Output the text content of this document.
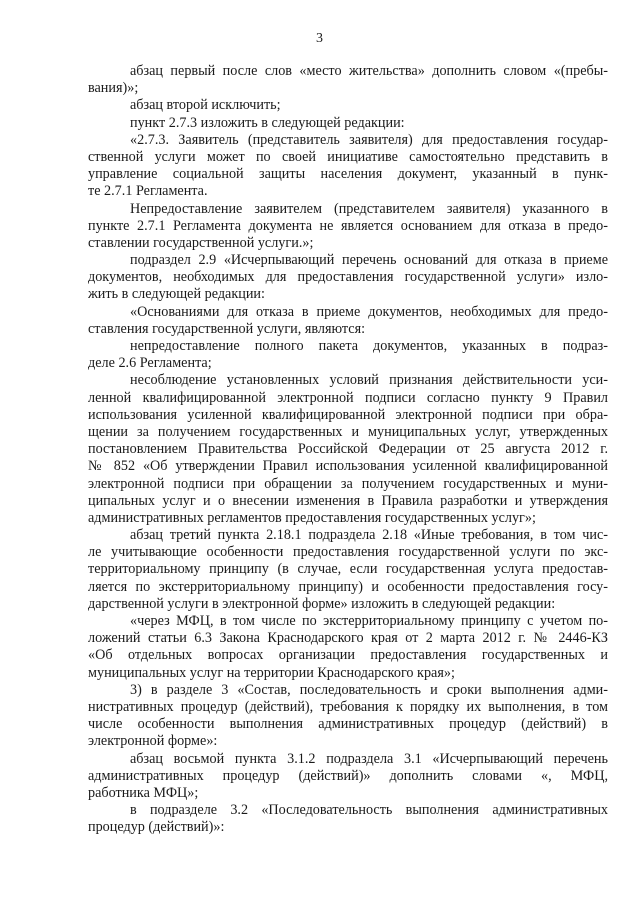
3
абзац первый после слов «место жительства» дополнить словом «(пребы-
вания)»;
абзац второй исключить;
пункт 2.7.3 изложить в следующей редакции:
«2.7.3. Заявитель (представитель заявителя) для предоставления государ-
ственной услуги может по своей инициативе самостоятельно представить в
управление социальной защиты населения документ, указанный в пунк-
те 2.7.1 Регламента.
Непредоставление заявителем (представителем заявителя) указанного в
пункте 2.7.1 Регламента документа не является основанием для отказа в предо-
ставлении государственной услуги.»;
подраздел 2.9 «Исчерпывающий перечень оснований для отказа в приеме
документов, необходимых для предоставления государственной услуги» изло-
жить в следующей редакции:
«Основаниями для отказа в приеме документов, необходимых для предо-
ставления государственной услуги, являются:
непредоставление полного пакета документов, указанных в подраз-
деле 2.6 Регламента;
несоблюдение установленных условий признания действительности уси-
ленной квалифицированной электронной подписи согласно пункту 9 Правил
использования усиленной квалифицированной электронной подписи при обра-
щении за получением государственных и муниципальных услуг, утвержденных
постановлением Правительства Российской Федерации от 25 августа 2012 г.
№ 852 «Об утверждении Правил использования усиленной квалифицированной
электронной подписи при обращении за получением государственных и муни-
ципальных услуг и о внесении изменения в Правила разработки и утверждения
административных регламентов предоставления государственных услуг»;
абзац третий пункта 2.18.1 подраздела 2.18 «Иные требования, в том чис-
ле учитывающие особенности предоставления государственной услуги по экс-
территориальному принципу (в случае, если государственная услуга предостав-
ляется по экстерриториальному принципу) и особенности предоставления госу-
дарственной услуги в электронной форме» изложить в следующей редакции:
«через МФЦ, в том числе по экстерриториальному принципу с учетом по-
ложений статьи 6.3 Закона Краснодарского края от 2 марта 2012 г. № 2446-КЗ
«Об отдельных вопросах организации предоставления государственных и
муниципальных услуг на территории Краснодарского края»;
3) в разделе 3 «Состав, последовательность и сроки выполнения адми-
нистративных процедур (действий), требования к порядку их выполнения, в том
числе особенности выполнения административных процедур (действий) в
электронной форме»:
абзац восьмой пункта 3.1.2 подраздела 3.1 «Исчерпывающий перечень
административных процедур (действий)» дополнить словами «, МФЦ,
работника МФЦ»;
в подразделе 3.2 «Последовательность выполнения административных
процедур (действий)»:
